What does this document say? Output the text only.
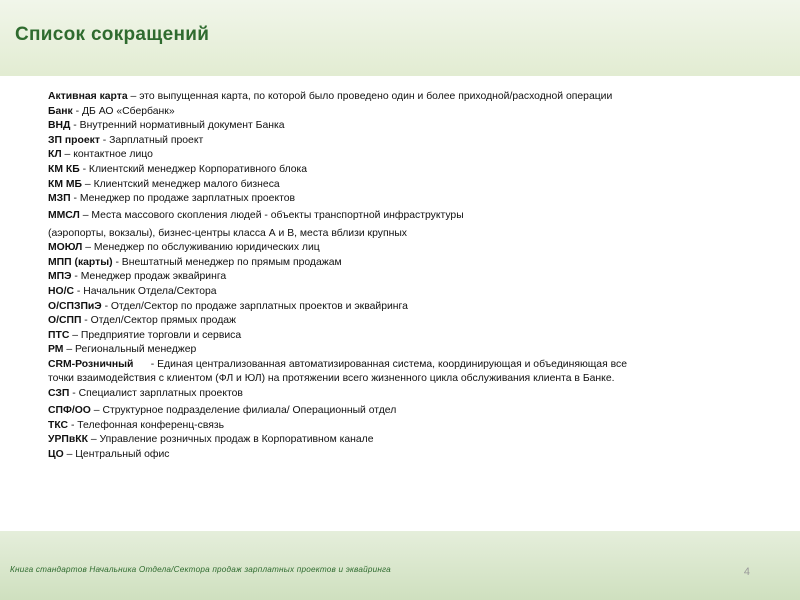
Список сокращений
Активная карта – это выпущенная карта, по которой было проведено один и более приходной/расходной операции
Банк - ДБ АО «Сбербанк»
ВНД - Внутренний нормативный документ Банка
ЗП проект - Зарплатный проект
КЛ – контактное лицо
КМ КБ - Клиентский менеджер Корпоративного блока
КМ МБ – Клиентский менеджер малого бизнеса
МЗП - Менеджер по продаже зарплатных проектов
ММСЛ – Места массового скопления людей - объекты транспортной инфраструктуры
(аэропорты, вокзалы), бизнес-центры класса А и В, места вблизи крупных
МОЮЛ – Менеджер по обслуживанию юридических лиц
МПП (карты) - Внештатный менеджер по прямым продажам
МПЭ - Менеджер продаж эквайринга
НО/С - Начальник Отдела/Сектора
О/СПЗПиЭ - Отдел/Сектор по продаже зарплатных проектов и эквайринга
О/СПП - Отдел/Сектор прямых продаж
ПТС – Предприятие торговли и сервиса
РМ – Региональный менеджер
CRM-Розничный      - Единая централизованная автоматизированная система, координирующая и объединяющая все
точки взаимодействия с клиентом (ФЛ и ЮЛ) на протяжении всего жизненного цикла обслуживания клиента в Банке.
СЗП - Специалист зарплатных проектов
СПФ/ОО – Структурное подразделение филиала/ Операционный отдел
ТКС - Телефонная конференц-связь
УРПвКК – Управление розничных продаж в Корпоративном канале
ЦО – Центральный офис
Книга стандартов Начальника Отдела/Сектора продаж зарплатных проектов и эквайринга	4
